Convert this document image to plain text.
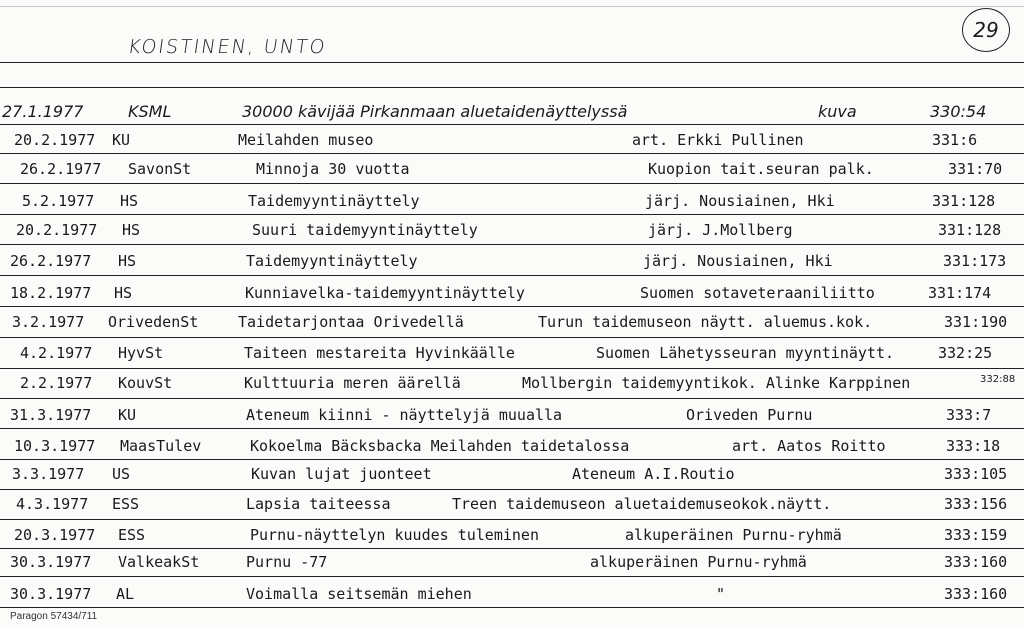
KOISTINEN, UNTO
29
27.1.1977	KSML	30000 kävijää Pirkanmaan aluetaidenäyttelyssä	kuva	330:54
20.2.1977 KU	Meilahden museo	art. Erkki Pullinen	331:6
26.2.1977 SavonSt	Minnoja 30 vuotta	Kuopion tait.seuran palk.	331:70
5.2.1977 HS	Taidemyyntinäyttely	järj. Nousiainen, Hki	331:128
20.2.1977 HS	Suuri taidemyyntinäyttely	järj. J.Mollberg	331:128
26.2.1977 HS	Taidemyyntinäyttely	järj. Nousiainen, Hki	331:173
18.2.1977 HS	Kunniavelka-taidemyyntinäyttely	Suomen sotaveteraaniliitto	331:174
3.2.1977 OrivedenSt	Taidetarjontaa Orivedellä	Turun taidemuseon näytt. aluemus.kok.	331:190
4.2.1977 HyvSt	Taiteen mestareita Hyvinkäälle	Suomen Lähetysseuran myyntinäytt.	332:25
2.2.1977 KouvSt	Kulttuuria meren äärellä	Mollbergin taidemyyntikok. Alinke Karppinen	332:88
31.3.1977 KU	Ateneum kiinni - näyttelyjä muualla	Oriveden Purnu	333:7
10.3.1977 MaasTulev	Kokoelma Bäcksbacka Meilahden taidetalossa	art. Aatos Roitto	333:18
3.3.1977 US	Kuvan lujat juonteet	Ateneum A.I.Routio	333:105
4.3.1977 ESS	Lapsia taiteessa	Treen taidemuseon aluetaidemuseokok.näytt.	333:156
20.3.1977 ESS	Purnu-näyttelyn kuudes tuleminen	alkuperäinen Purnu-ryhmä	333:159
30.3.1977 ValkeakSt	Purnu -77	alkuperäinen Purnu-ryhmä	333:160
30.3.1977 AL	Voimalla seitsemän miehen	"	333:160
Paragon 57434/711
